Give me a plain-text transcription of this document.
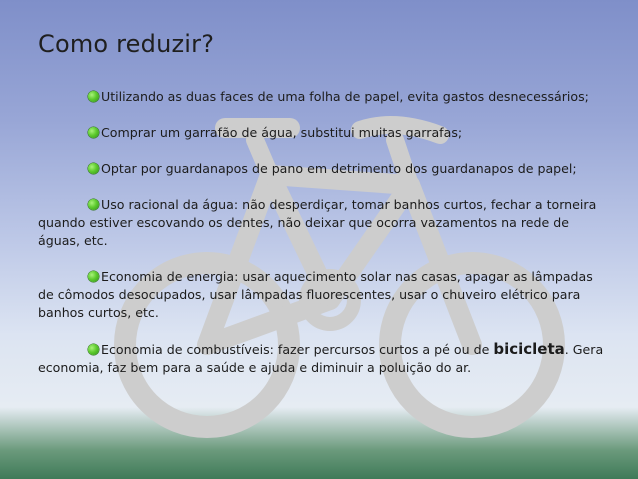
Como reduzir?
Utilizando as duas faces de uma folha de papel, evita gastos desnecessários;
Comprar um garrafão de água, substitui muitas garrafas;
Optar por guardanapos de pano em detrimento dos guardanapos de papel;
Uso racional da água: não desperdiçar, tomar banhos curtos, fechar a torneira quando estiver escovando os dentes, não deixar que ocorra vazamentos na rede de águas, etc.
Economia de energia: usar aquecimento solar nas casas, apagar as lâmpadas de cômodos desocupados, usar lâmpadas fluorescentes, usar o chuveiro elétrico para banhos curtos, etc.
Economia de combustíveis: fazer percursos curtos a pé ou de bicicleta. Gera economia, faz bem para a saúde e ajuda e diminuir a poluição do ar.
